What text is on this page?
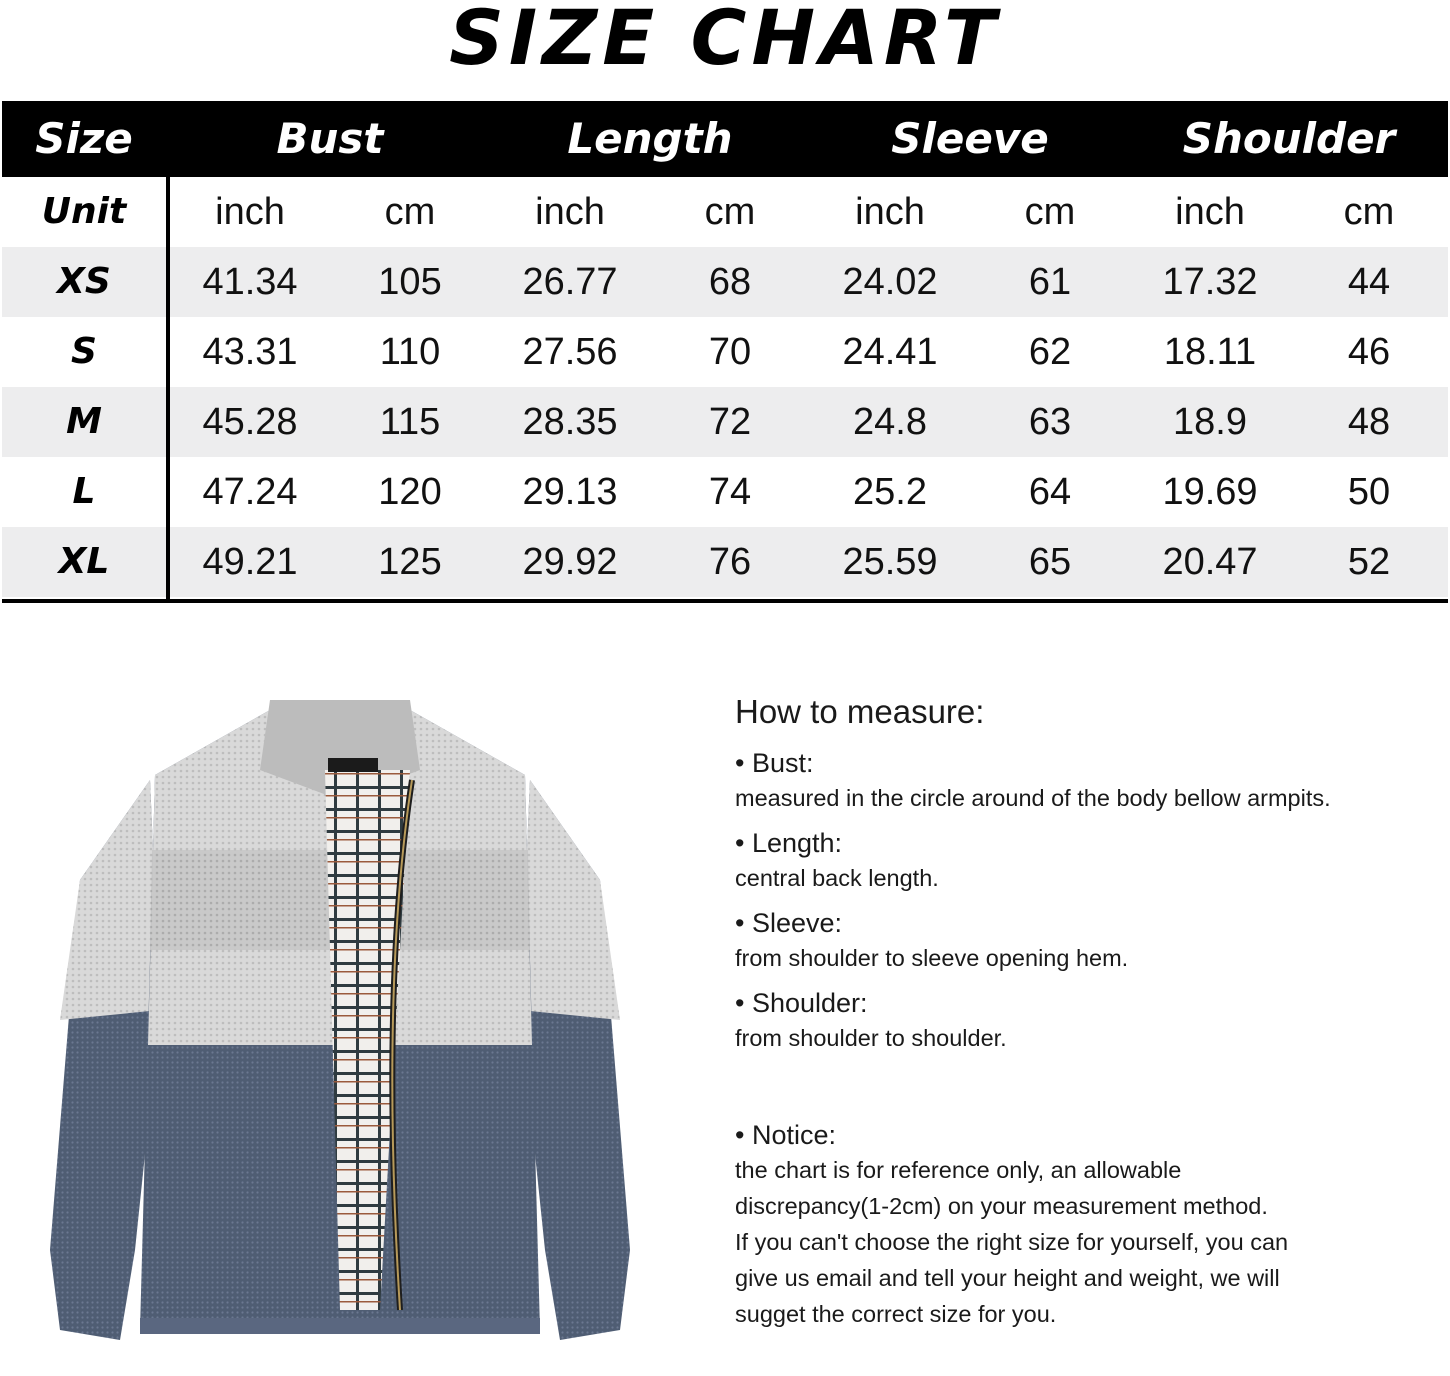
SIZE CHART
Size	Bust	Length	Sleeve	Shoulder
Unit	inch	cm	inch	cm	inch	cm	inch	cm
XS	41.34	105	26.77	68	24.02	61	17.32	44
S	43.31	110	27.56	70	24.41	62	18.11	46
M	45.28	115	28.35	72	24.8	63	18.9	48
L	47.24	120	29.13	74	25.2	64	19.69	50
XL	49.21	125	29.92	76	25.59	65	20.47	52
How to measure:
• Bust:
measured in the circle around of the body bellow armpits.
• Length:
central back length.
• Sleeve:
from shoulder to sleeve opening hem.
• Shoulder:
from shoulder to shoulder.
• Notice:
the chart is for reference only, an allowable
discrepancy(1-2cm) on your measurement method.
If you can't choose the right size for yourself, you can
give us email and tell your height and weight, we will
sugget the correct size for you.
